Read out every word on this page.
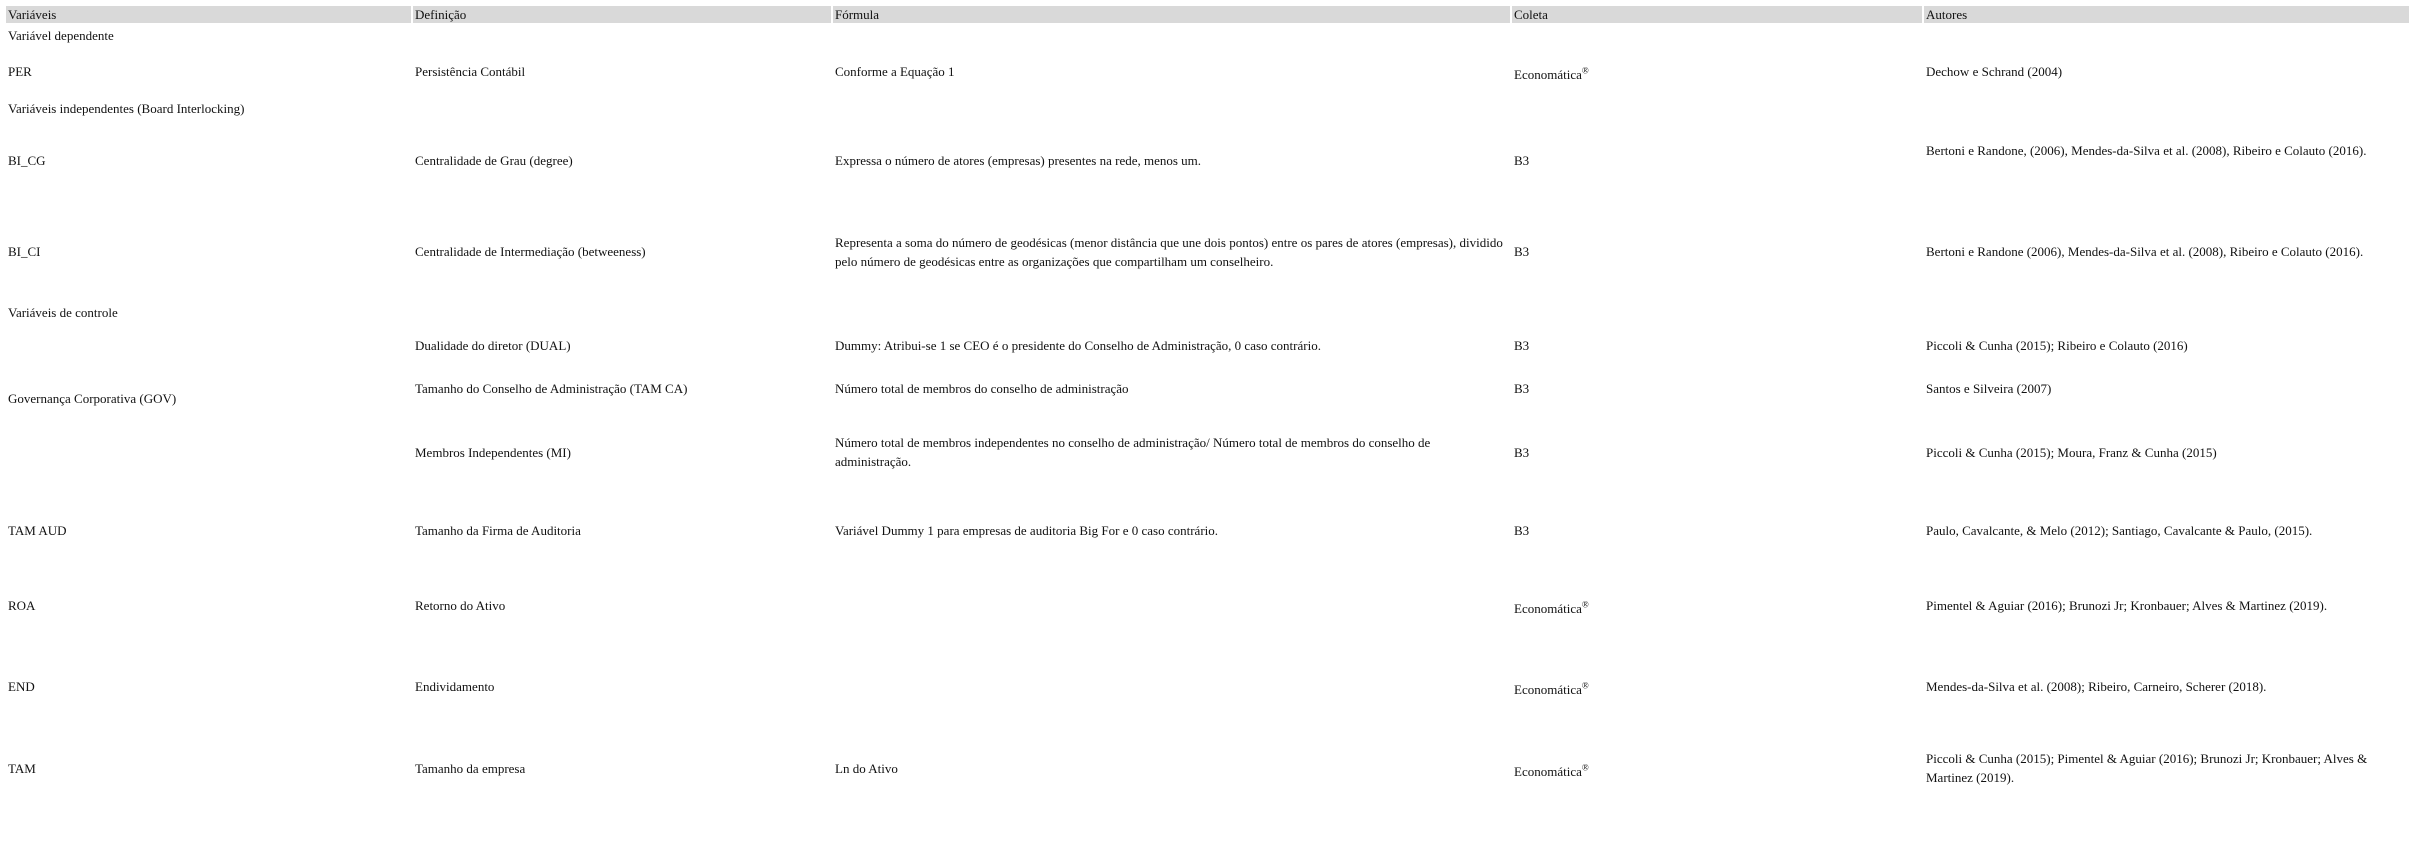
Variáveis	Definição	Fórmula	Coleta	Autores
Variável dependente				
PER	Persistência Contábil	Conforme a Equação 1	Economática®	Dechow e Schrand (2004)
Variáveis independentes (Board Interlocking)				
BI_CG	Centralidade de Grau (degree)	Expressa o número de atores (empresas) presentes na rede, menos um.	B3	Bertoni e Randone, (2006), Mendes-da-Silva et al. (2008), Ribeiro e Colauto (2016).
BI_CI	Centralidade de Intermediação (betweeness)	Representa a soma do número de geodésicas (menor distância que une dois pontos) entre os pares de atores (empresas), dividido pelo número de geodésicas entre as organizações que compartilham um conselheiro.	B3	Bertoni e Randone (2006), Mendes-da-Silva et al. (2008), Ribeiro e Colauto (2016).
Variáveis de controle				
Governança Corporativa (GOV)	Dualidade do diretor (DUAL)	Dummy: Atribui-se 1 se CEO é o presidente do Conselho de Administração, 0 caso contrário.	B3	Piccoli & Cunha (2015); Ribeiro e Colauto (2016)
	Tamanho do Conselho de Administração (TAM CA)	Número total de membros do conselho de administração	B3	Santos e Silveira (2007)
	Membros Independentes (MI)	Número total de membros independentes no conselho de administração/ Número total de membros do conselho de administração.	B3	Piccoli & Cunha (2015); Moura, Franz & Cunha (2015)
TAM AUD	Tamanho da Firma de Auditoria	Variável Dummy 1 para empresas de auditoria Big For e 0 caso contrário.	B3	Paulo, Cavalcante, & Melo (2012); Santiago, Cavalcante & Paulo, (2015).
ROA	Retorno do Ativo		Economática®	Pimentel & Aguiar (2016); Brunozi Jr; Kronbauer; Alves & Martinez (2019).
END	Endividamento		Economática®	Mendes-da-Silva et al. (2008); Ribeiro, Carneiro, Scherer (2018).
TAM	Tamanho da empresa	Ln do Ativo	Economática®	Piccoli & Cunha (2015); Pimentel & Aguiar (2016); Brunozi Jr; Kronbauer; Alves & Martinez (2019).
